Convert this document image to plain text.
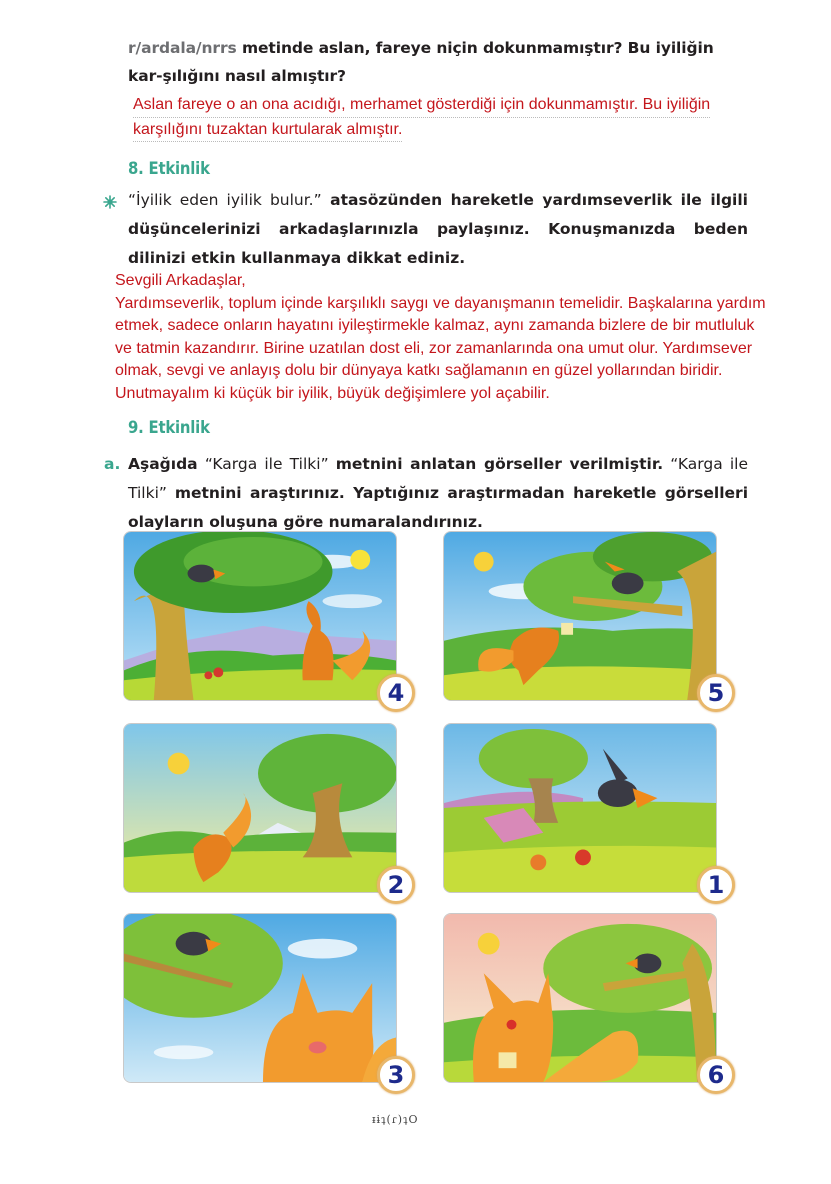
r/ardala/nrrs metinde aslan, fareye niçin dokunmamıştır? Bu iyiliğin kar-şılığını nasıl almıştır?
Aslan fareye o an ona acıdığı, merhamet gösterdiği için dokunmamıştır. Bu iyiliğin
karşılığını tuzaktan kurtularak almıştır.
8. Etkinlik
“İyilik eden iyilik bulur.” atasözünden hareketle yardımseverlik ile ilgili düşüncelerinizi arkadaşlarınızla paylaşınız. Konuşmanızda beden dilinizi etkin kullanmaya dikkat ediniz.
Sevgili Arkadaşlar,
Yardımseverlik, toplum içinde karşılıklı saygı ve dayanışmanın temelidir. Başkalarına yardım
etmek, sadece onların hayatını iyileştirmekle kalmaz, aynı zamanda bizlere de bir mutluluk
ve tatmin kazandırır. Birine uzatılan dost eli, zor zamanlarında ona umut olur. Yardımsever
olmak, sevgi ve anlayış dolu bir dünyaya katkı sağlamanın en güzel yollarından biridir.
Unutmayalım ki küçük bir iyilik, büyük değişimlere yol açabilir.
9. Etkinlik
a. Aşağıda “Karga ile Tilki” metnini anlatan görseller verilmiştir. “Karga ile Tilki” metnini araştırınız. Yaptığınız araştırmadan hareketle görselleri olayların oluşuna göre numaralandırınız.
4	5
2	1
3	6
ᵻɨʇ(ɾ)ʇO
